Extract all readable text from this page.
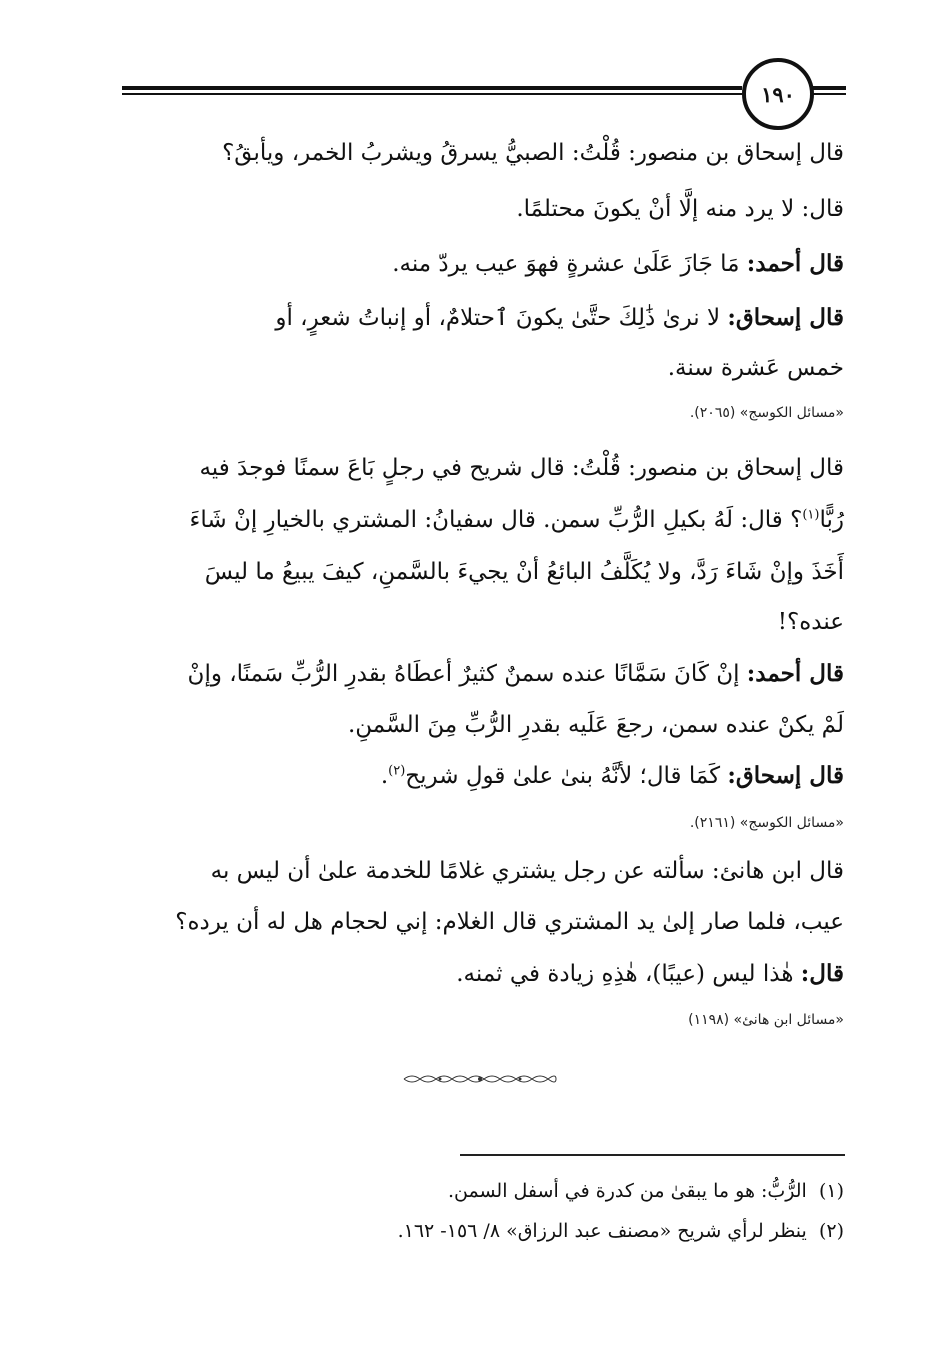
١٩٠
قال إسحاق بن منصور: قُلْتُ: الصبيُّ يسرقُ ويشربُ الخمر، ويأبقُ؟
قال: لا يرد منه إلَّا أنْ يكونَ محتلمًا.
قال أحمد: مَا جَازَ عَلَىٰ عشرةٍ فهوَ عيب يردّ منه.
قال إسحاق: لا نرىٰ ذَٰلِكَ حتَّىٰ يكونَ ٱحتلامٌ، أو إنباتُ شعرٍ، أو
خمس عَشرة سنة.
«مسائل الكوسج» (٢٠٦٥).
قال إسحاق بن منصور: قُلْتُ: قال شريح في رجلٍ بَاعَ سمنًا فوجدَ فيه
رُبًّا$^{(١)}$؟ قال: لَهُ بكيلِ الرُّبِّ سمن. قال سفيانُ: المشتري بالخيارِ إنْ شَاءَ
أَخَذَ وإنْ شَاءَ رَدَّ، ولا يُكَلَّفُ البائعُ أنْ يجيءَ بالسَّمنِ، كيفَ يبيعُ ما ليسَ
عنده؟!
قال أحمد: إنْ كَانَ سَمَّانًا عنده سمنٌ كثيرٌ أعطَاهُ بقدرِ الرُّبِّ سَمنًا، وإنْ
لَمْ يكنْ عنده سمن، رجعَ عَلَيه بقدرِ الرُّبِّ مِنَ السَّمنِ.
قال إسحاق: كَمَا قال؛ لأنَّهُ بنىٰ علىٰ قولِ شريح$^{(٢)}$.
«مسائل الكوسج» (٢١٦١).
قال ابن هانئ: سألته عن رجل يشتري غلامًا للخدمة علىٰ أن ليس به
عيب، فلما صار إلىٰ يد المشتري قال الغلام: إني لحجام هل له أن يرده؟
قال: هٰذا ليس (عيبًا)، هٰذِهِ زيادة في ثمنه.
«مسائل ابن هانئ» (١١٩٨)
(١)  الرُّبُّ: هو ما يبقىٰ من كدرة في أسفل السمن.
(٢)  ينظر لرأي شريح «مصنف عبد الرزاق» ٨/ ١٥٦- ١٦٢.
